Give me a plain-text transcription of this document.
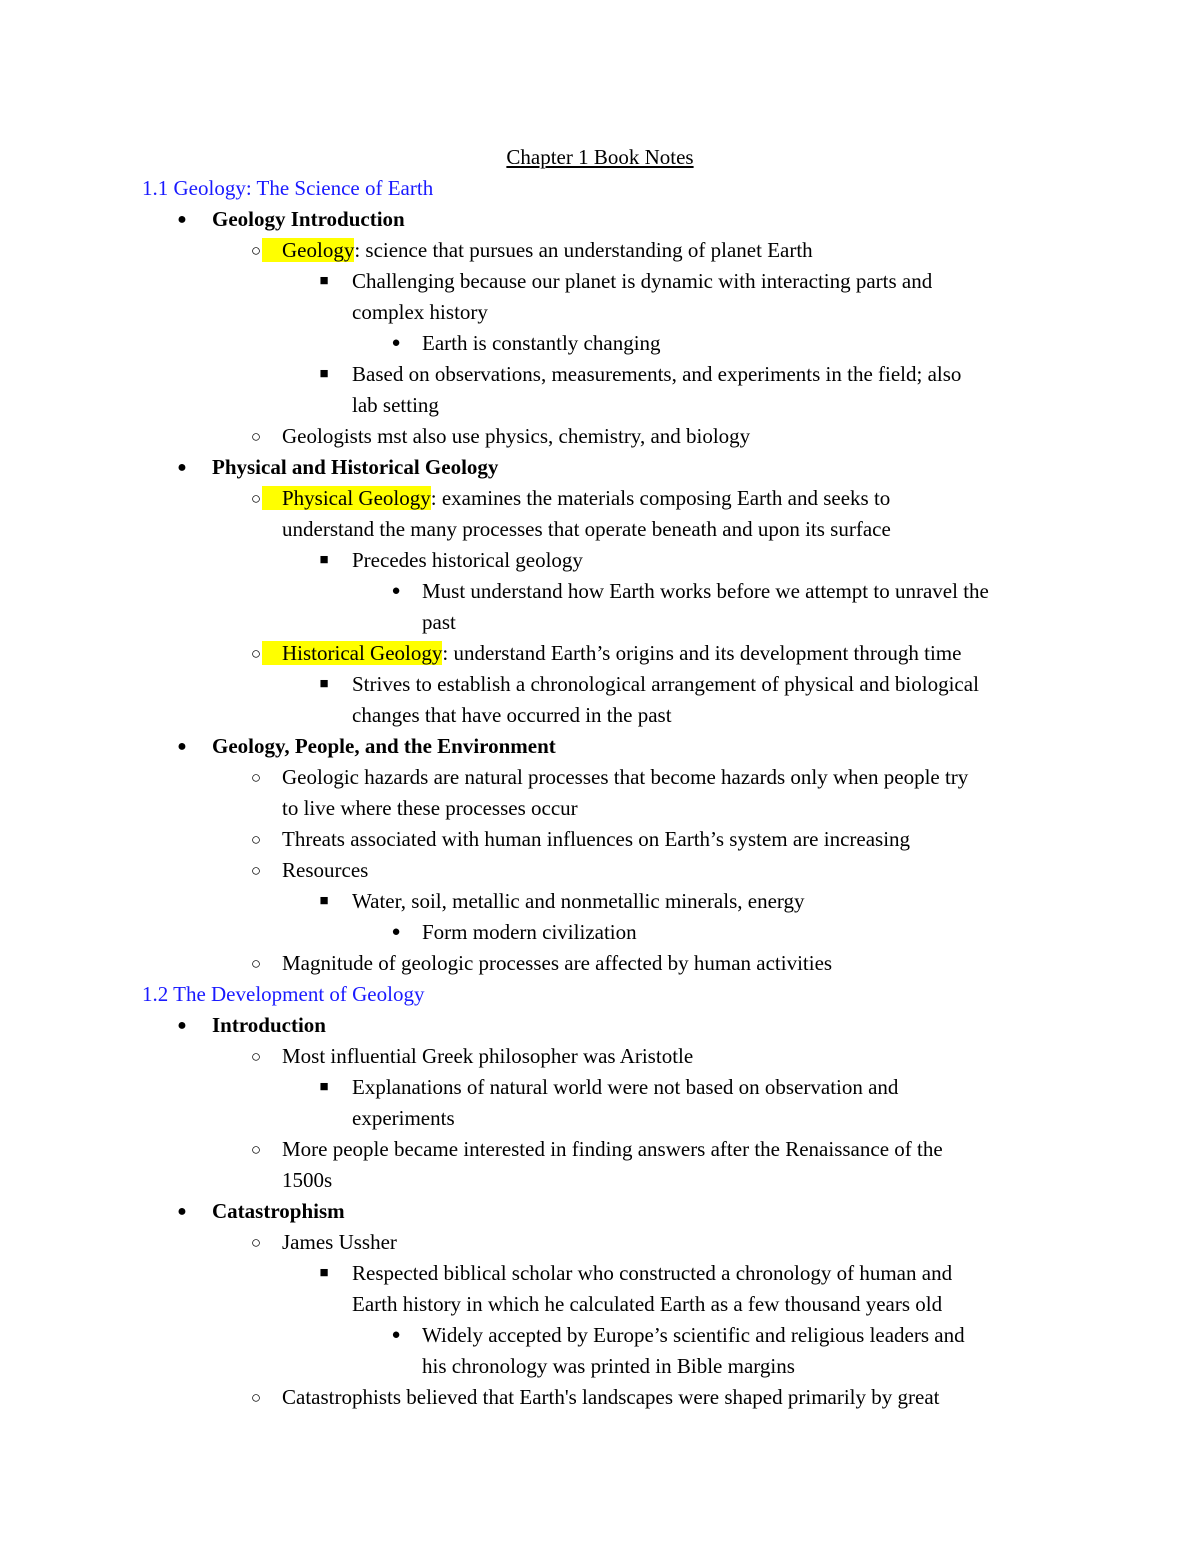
Chapter 1 Book Notes
1.1 Geology: The Science of Earth
● Geology Introduction
○ Geology: science that pursues an understanding of planet Earth
■ Challenging because our planet is dynamic with interacting parts and
complex history
● Earth is constantly changing
■ Based on observations, measurements, and experiments in the field; also
lab setting
○ Geologists mst also use physics, chemistry, and biology
● Physical and Historical Geology
○ Physical Geology: examines the materials composing Earth and seeks to
understand the many processes that operate beneath and upon its surface
■ Precedes historical geology
● Must understand how Earth works before we attempt to unravel the
past
○ Historical Geology: understand Earth’s origins and its development through time
■ Strives to establish a chronological arrangement of physical and biological
changes that have occurred in the past
● Geology, People, and the Environment
○ Geologic hazards are natural processes that become hazards only when people try
to live where these processes occur
○ Threats associated with human influences on Earth’s system are increasing
○ Resources
■ Water, soil, metallic and nonmetallic minerals, energy
● Form modern civilization
○ Magnitude of geologic processes are affected by human activities
1.2 The Development of Geology
● Introduction
○ Most influential Greek philosopher was Aristotle
■ Explanations of natural world were not based on observation and
experiments
○ More people became interested in finding answers after the Renaissance of the
1500s
● Catastrophism
○ James Ussher
■ Respected biblical scholar who constructed a chronology of human and
Earth history in which he calculated Earth as a few thousand years old
● Widely accepted by Europe’s scientific and religious leaders and
his chronology was printed in Bible margins
○ Catastrophists believed that Earth's landscapes were shaped primarily by great
